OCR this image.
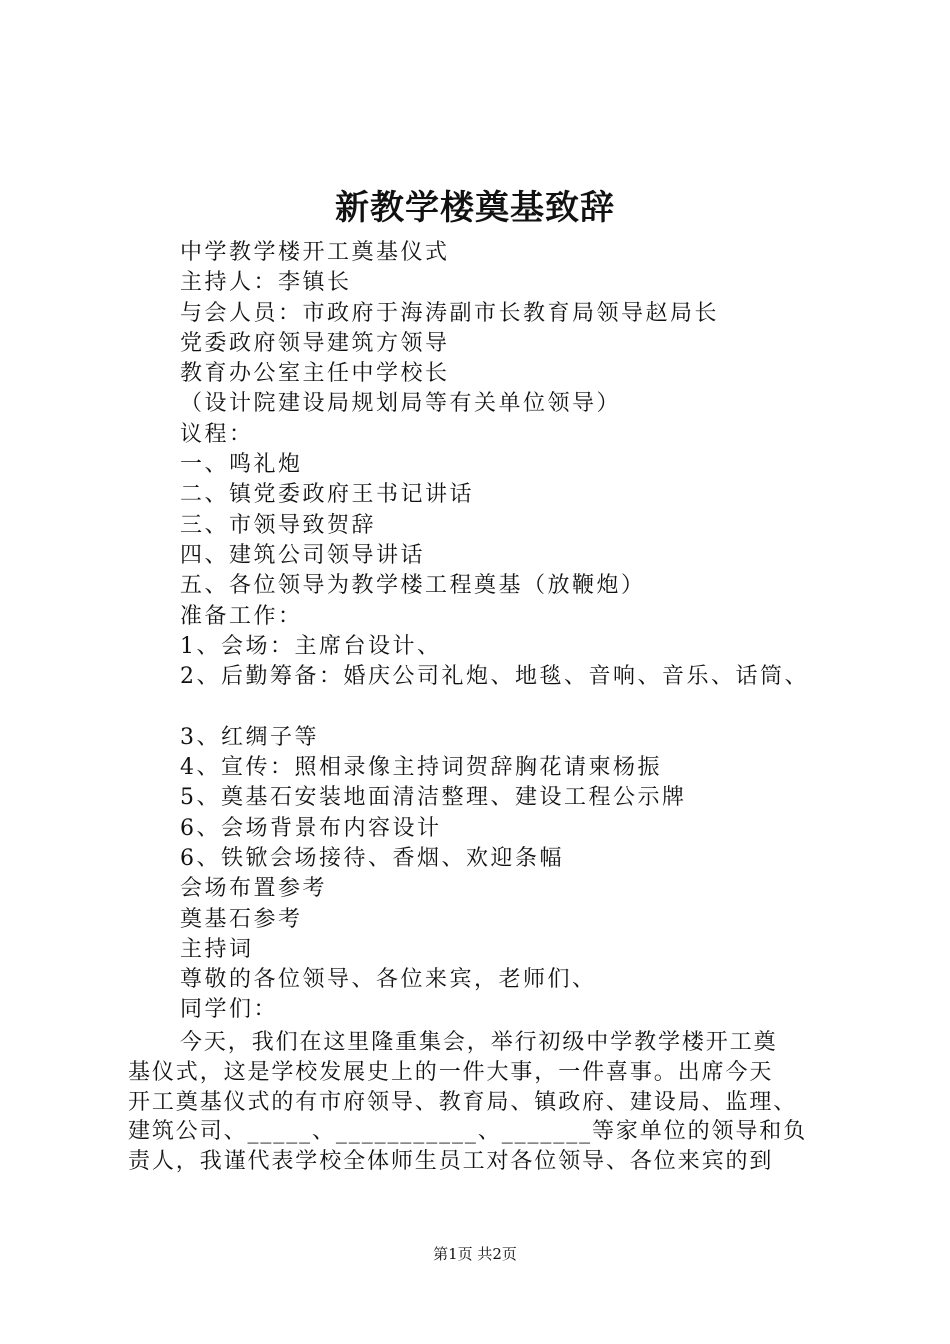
新教学楼奠基致辞
中学教学楼开工奠基仪式
主持人：李镇长
与会人员：市政府于海涛副市长教育局领导赵局长
党委政府领导建筑方领导
教育办公室主任中学校长
（设计院建设局规划局等有关单位领导）
议程：
一、鸣礼炮
二、镇党委政府王书记讲话
三、市领导致贺辞
四、建筑公司领导讲话
五、各位领导为教学楼工程奠基（放鞭炮）
准备工作：
1、会场：主席台设计、
2、后勤筹备：婚庆公司礼炮、地毯、音响、音乐、话筒、
3、红绸子等
4、宣传：照相录像主持词贺辞胸花请柬杨振
5、奠基石安装地面清洁整理、建设工程公示牌
6、会场背景布内容设计
6、铁锨会场接待、香烟、欢迎条幅
会场布置参考
奠基石参考
主持词
尊敬的各位领导、各位来宾，老师们、
同学们：
今天，我们在这里隆重集会，举行初级中学教学楼开工奠
基仪式，这是学校发展史上的一件大事，一件喜事。出席今天
开工奠基仪式的有市府领导、教育局、镇政府、建设局、监理、
建筑公司、_____、___________、_______等家单位的领导和负
责人，我谨代表学校全体师生员工对各位领导、各位来宾的到
第1页 共2页
